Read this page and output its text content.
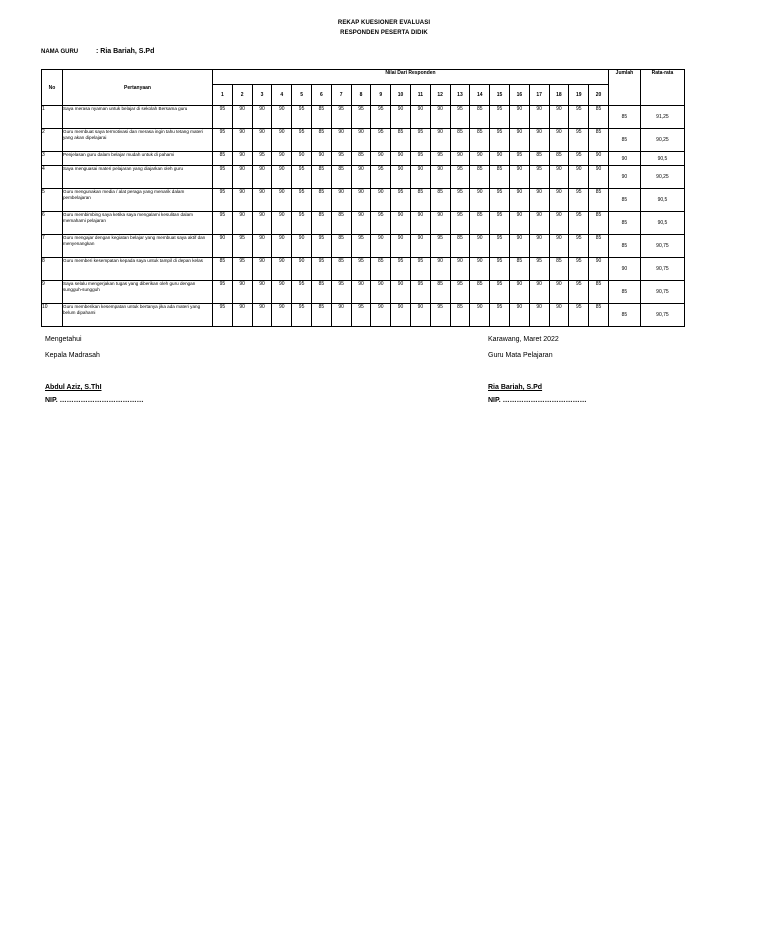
REKAP KUESIONER EVALUASI
RESPONDEN PESERTA DIDIK
NAMA GURU	: Ria Bariah, S.Pd
No	Pertanyaan	Nilai Dari Responden																				Jumlah	Rata-rata
		1	2	3	4	5	6	7	8	9	10	11	12	13	14	15	16	17	18	19	20		
1	Saya merasa nyaman untuk belajar di sekolah Bersama guru	95	90	90	90	95	85	95	95	95	90	90	90	95	85	95	90	90	90	95	85	85	91,25
2	Guru membuat saya termotivasi dan merasa ingin tahu tetang materi yang akan dipelajarai	95	90	90	90	95	85	90	90	95	85	95	90	85	85	95	90	90	90	95	85	85	90,25
3	Penjelasan guru dalam belajar mudah untuk di pahami	85	90	95	90	90	90	95	85	90	90	95	95	90	90	90	95	85	85	95	90	90	90,5
4	Saya menguasai materi pelajaran yang diajarkan oleh guru	95	90	90	90	95	85	85	90	95	90	90	90	95	85	85	90	95	90	90	90	90	90,25
5	Guru mengunakan media / alat peraga yang menarik dalam pembelajaran	95	90	90	90	95	85	90	90	90	95	85	85	95	90	95	90	90	90	95	85	85	90,5
6	Guru membimbing saya ketika saya mengalami kesulitan dalam memahami pelajaran	95	90	90	90	95	85	85	90	95	90	90	90	95	85	95	90	90	90	95	85	85	90,5
7	Guru mengajar dengan kegiatan belajar yang membuat saya aktif dan menyenangkan	90	95	90	90	90	95	85	95	90	90	90	95	85	90	95	90	90	90	95	85	85	90,75
8	Guru memberi kesempatan kepada saya untuk tampil di depan kelas	85	95	90	90	90	95	85	95	85	95	95	90	90	90	95	85	95	85	95	90	90	90,75
9	Saya selalu mengerjakan tugas yang diberikan oleh guru dengan sungguh-sungguh	95	90	90	90	95	85	95	90	90	90	95	85	95	85	95	90	90	90	95	85	85	90,75
10	Guru memberikan kesempatan untuk bertanya jika ada materi yang belum dipahami	95	90	90	90	95	85	90	95	90	90	90	95	85	90	95	90	90	90	95	85	85	90,75
Mengetahui
Kepala Madrasah
Abdul Aziz, S.ThI
NIP. ………………………………
Karawang, Maret 2022
Guru Mata Pelajaran
Ria Bariah, S.Pd
NIP. ………………………………
